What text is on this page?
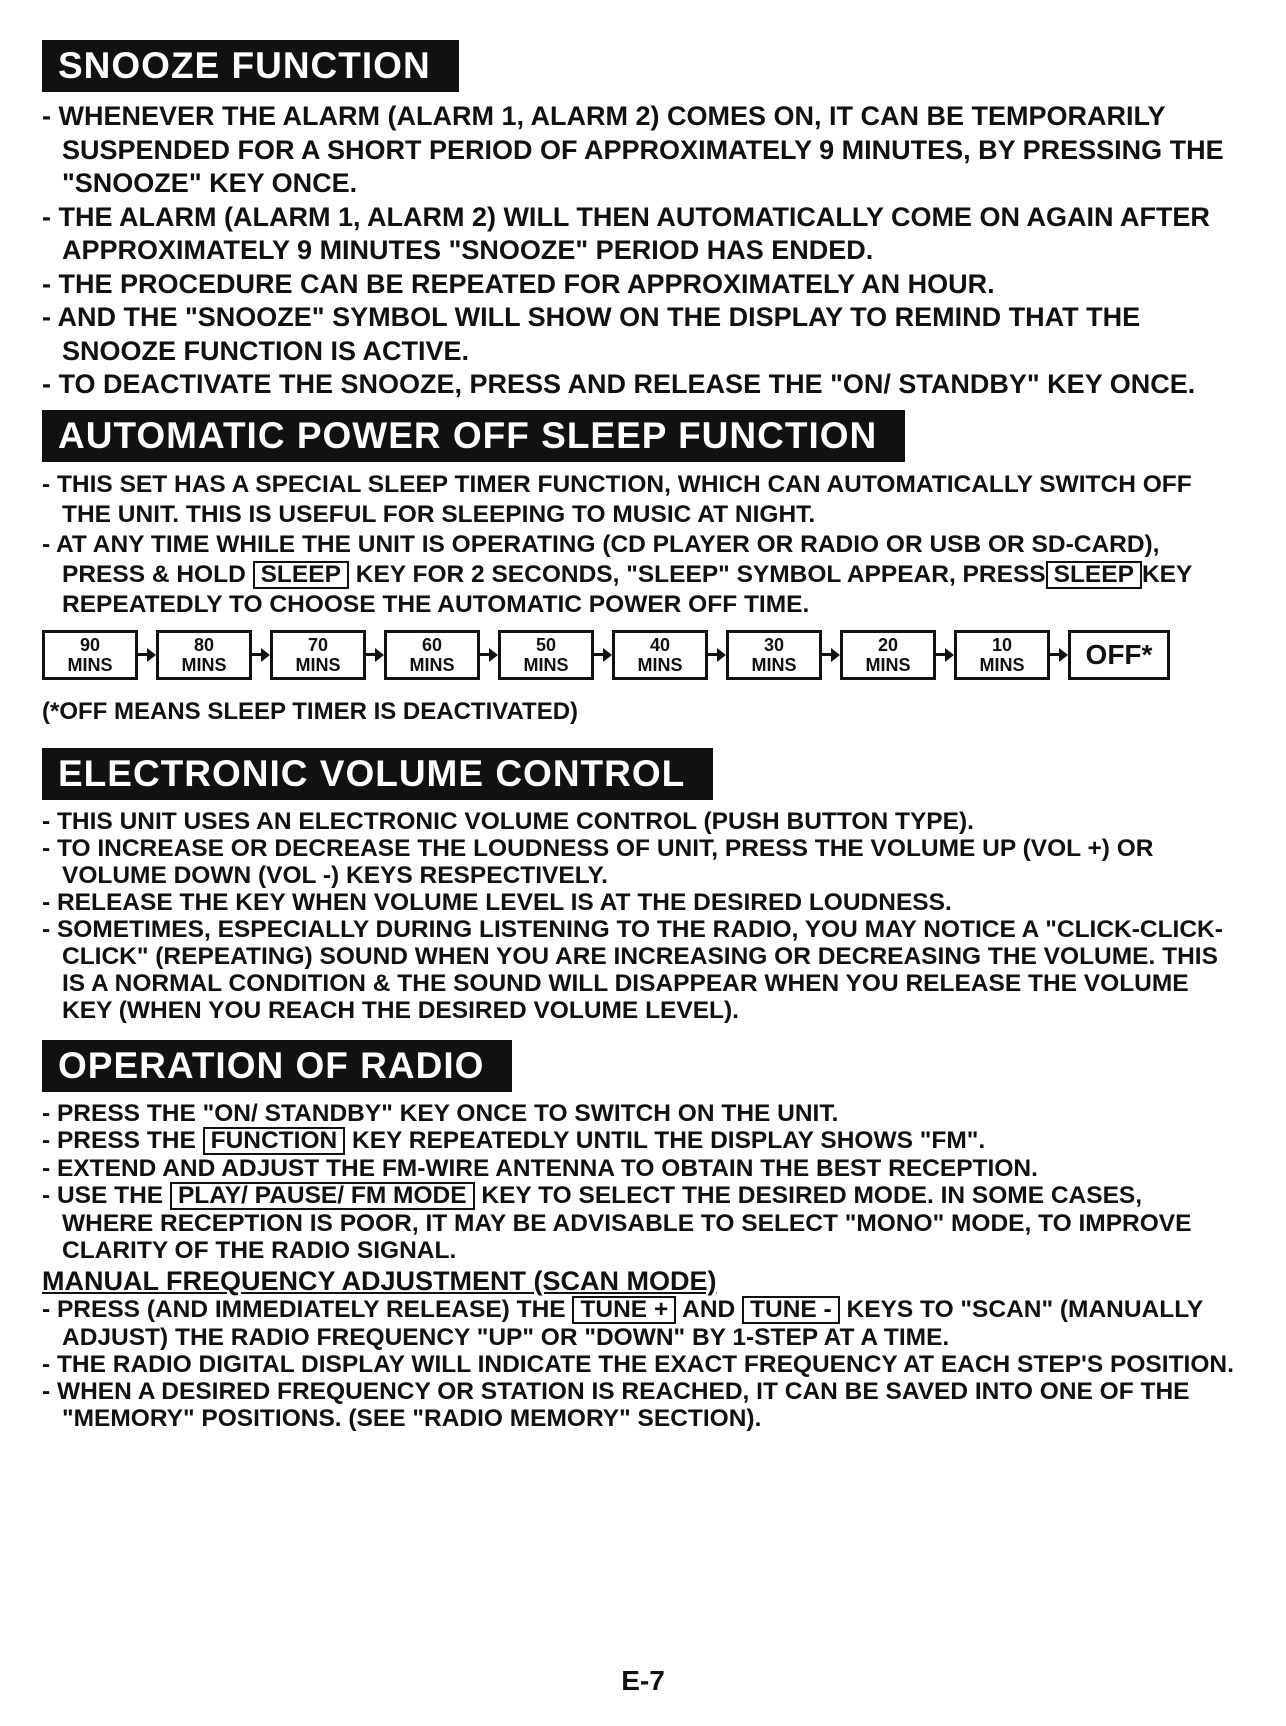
SNOOZE FUNCTION

- WHENEVER THE ALARM (ALARM 1, ALARM 2) COMES ON, IT CAN BE TEMPORARILY SUSPENDED FOR A SHORT PERIOD OF APPROXIMATELY 9 MINUTES, BY PRESSING THE "SNOOZE" KEY ONCE.

- THE ALARM (ALARM 1, ALARM 2) WILL THEN AUTOMATICALLY COME ON AGAIN AFTER APPROXIMATELY 9 MINUTES "SNOOZE" PERIOD HAS ENDED.

- THE PROCEDURE CAN BE REPEATED FOR APPROXIMATELY AN HOUR.

- AND THE "SNOOZE" SYMBOL WILL SHOW ON THE DISPLAY TO REMIND THAT THE SNOOZE FUNCTION IS ACTIVE.

- TO DEACTIVATE THE SNOOZE, PRESS AND RELEASE THE "ON/ STANDBY" KEY ONCE.

AUTOMATIC POWER OFF SLEEP FUNCTION

- THIS SET HAS A SPECIAL SLEEP TIMER FUNCTION, WHICH CAN AUTOMATICALLY SWITCH OFF THE UNIT. THIS IS USEFUL FOR SLEEPING TO MUSIC AT NIGHT.

- AT ANY TIME WHILE THE UNIT IS OPERATING (CD PLAYER OR RADIO OR USB OR SD-CARD), PRESS & HOLD SLEEP KEY FOR 2 SECONDS, "SLEEP" SYMBOL APPEAR, PRESS SLEEP KEY REPEATEDLY TO CHOOSE THE AUTOMATIC POWER OFF TIME.

90
MINS
80
MINS
70
MINS
60
MINS
50
MINS
40
MINS
30
MINS
20
MINS
10
MINS	OFF*
(*OFF MEANS SLEEP TIMER IS DEACTIVATED)
ELECTRONIC VOLUME CONTROL

- THIS UNIT USES AN ELECTRONIC VOLUME CONTROL (PUSH BUTTON TYPE).

- TO INCREASE OR DECREASE THE LOUDNESS OF UNIT, PRESS THE VOLUME UP (VOL +) OR VOLUME DOWN (VOL -) KEYS RESPECTIVELY.

- RELEASE THE KEY WHEN VOLUME LEVEL IS AT THE DESIRED LOUDNESS.

- SOMETIMES, ESPECIALLY DURING LISTENING TO THE RADIO, YOU MAY NOTICE A "CLICK-CLICK-CLICK" (REPEATING) SOUND WHEN YOU ARE INCREASING OR DECREASING THE VOLUME. THIS IS A NORMAL CONDITION & THE SOUND WILL DISAPPEAR WHEN YOU RELEASE THE VOLUME KEY (WHEN YOU REACH THE DESIRED VOLUME LEVEL).

OPERATION OF RADIO

- PRESS THE "ON/ STANDBY" KEY ONCE TO SWITCH ON THE UNIT.

- PRESS THE FUNCTION KEY REPEATEDLY UNTIL THE DISPLAY SHOWS "FM".

- EXTEND AND ADJUST THE FM-WIRE ANTENNA TO OBTAIN THE BEST RECEPTION.

- USE THE PLAY/ PAUSE/ FM MODE KEY TO SELECT THE DESIRED MODE. IN SOME CASES, WHERE RECEPTION IS POOR, IT MAY BE ADVISABLE TO SELECT "MONO" MODE, TO IMPROVE CLARITY OF THE RADIO SIGNAL.

MANUAL FREQUENCY ADJUSTMENT (SCAN MODE)

- PRESS (AND IMMEDIATELY RELEASE) THE TUNE + AND TUNE - KEYS TO "SCAN" (MANUALLY ADJUST) THE RADIO FREQUENCY "UP" OR "DOWN" BY 1-STEP AT A TIME.

- THE RADIO DIGITAL DISPLAY WILL INDICATE THE EXACT FREQUENCY AT EACH STEP'S POSITION.

- WHEN A DESIRED FREQUENCY OR STATION IS REACHED, IT CAN BE SAVED INTO ONE OF THE "MEMORY" POSITIONS. (SEE "RADIO MEMORY" SECTION).

E-7
